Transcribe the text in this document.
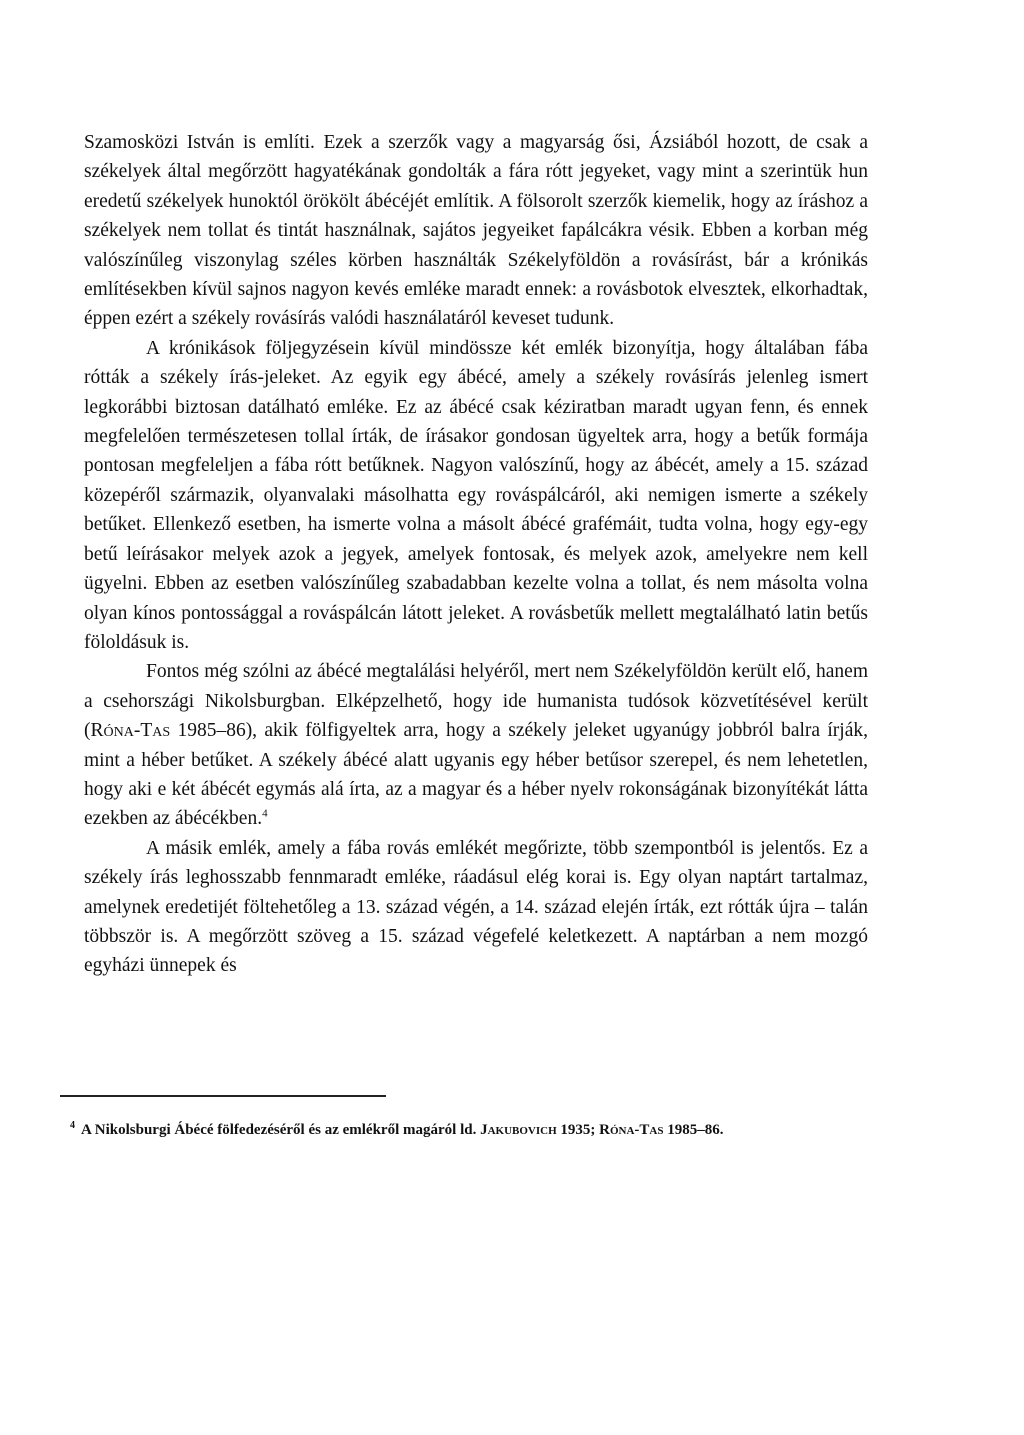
Szamosközi István is említi. Ezek a szerzők vagy a magyarság ősi, Ázsiából hozott, de csak a székelyek által megőrzött hagyatékának gondolták a fára rótt jegyeket, vagy mint a szerintük hun eredetű székelyek hunoktól örökölt ábécéjét említik. A fölsorolt szerzők kiemelik, hogy az íráshoz a székelyek nem tollat és tintát használnak, sajátos jegyeiket fapálcákra vésik. Ebben a korban még valószínűleg viszonylag széles körben használták Székelyföldön a rovásírást, bár a krónikás említésekben kívül sajnos nagyon kevés emléke maradt ennek: a rovásbotok elvesztek, elkorhadtak, éppen ezért a székely rovásírás valódi használatáról keveset tudunk.

A krónikások följegyzésein kívül mindössze két emlék bizonyítja, hogy általában fába rótták a székely írás-jeleket. Az egyik egy ábécé, amely a székely rovásírás jelenleg ismert legkorábbi biztosan datálható emléke. Ez az ábécé csak kéziratban maradt ugyan fenn, és ennek megfelelően természetesen tollal írták, de írásakor gondosan ügyeltek arra, hogy a betűk formája pontosan megfeleljen a fába rótt betűknek. Nagyon valószínű, hogy az ábécét, amely a 15. század közepéről származik, olyanvalaki másolhatta egy rováspálcáról, aki nemigen ismerte a székely betűket. Ellenkező esetben, ha ismerte volna a másolt ábécé grafémáit, tudta volna, hogy egy-egy betű leírásakor melyek azok a jegyek, amelyek fontosak, és melyek azok, amelyekre nem kell ügyelni. Ebben az esetben valószínűleg szabadabban kezelte volna a tollat, és nem másolta volna olyan kínos pontossággal a rováspálcán látott jeleket. A rovásbetűk mellett megtalálható latin betűs föloldásuk is.

Fontos még szólni az ábécé megtalálási helyéről, mert nem Székelyföldön került elő, hanem a csehországi Nikolsburgban. Elképzelhető, hogy ide humanista tudósok közvetítésével került (Róna-Tas 1985–86), akik fölfigyeltek arra, hogy a székely jeleket ugyanúgy jobbról balra írják, mint a héber betűket. A székely ábécé alatt ugyanis egy héber betűsor szerepel, és nem lehetetlen, hogy aki e két ábécét egymás alá írta, az a magyar és a héber nyelv rokonságának bizonyítékát látta ezekben az ábécékben.$^4$

A másik emlék, amely a fába rovás emlékét megőrizte, több szempontból is jelentős. Ez a székely írás leghosszabb fennmaradt emléke, ráadásul elég korai is. Egy olyan naptárt tartalmaz, amelynek eredetijét föltehetőleg a 13. század végén, a 14. század elején írták, ezt rótták újra – talán többször is. A megőrzött szöveg a 15. század végefelé keletkezett. A naptárban a nem mozgó egyházi ünnepek és

$^4$ A Nikolsburgi Ábécé fölfedezéséről és az emlékről magáról ld. Jakubovich 1935; Róna-Tas 1985–86.
